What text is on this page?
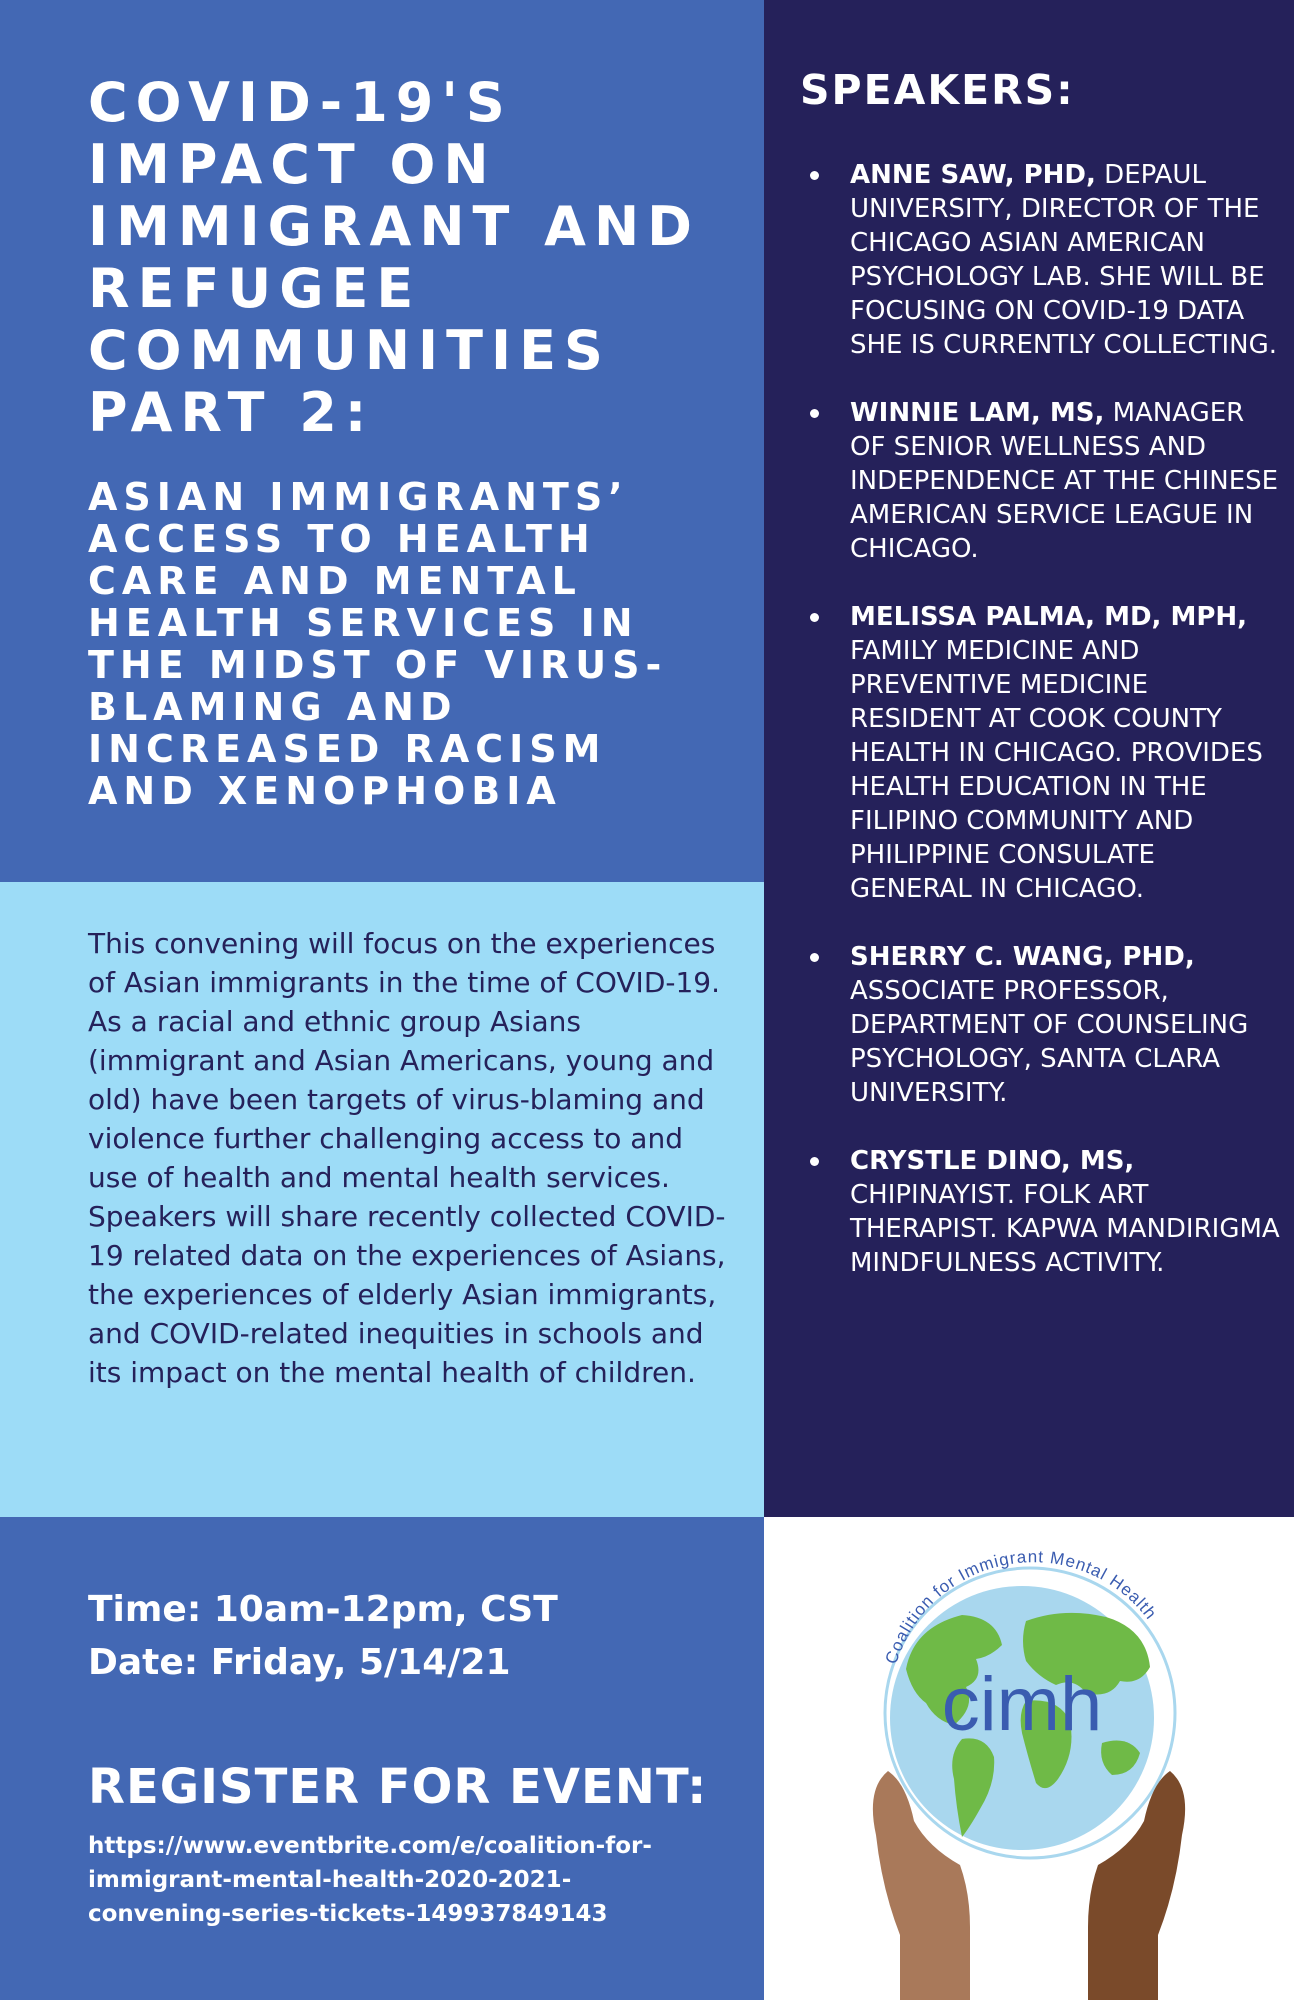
COVID-19'S IMPACT ON IMMIGRANT AND REFUGEE COMMUNITIES PART 2:
ASIAN IMMIGRANTS’ ACCESS TO HEALTH CARE AND MENTAL HEALTH SERVICES IN THE MIDST OF VIRUS-BLAMING AND INCREASED RACISM AND XENOPHOBIA
SPEAKERS:
ANNE SAW, PHD, DEPAUL UNIVERSITY, DIRECTOR OF THE CHICAGO ASIAN AMERICAN PSYCHOLOGY LAB. SHE WILL BE FOCUSING ON COVID-19 DATA SHE IS CURRENTLY COLLECTING.
WINNIE LAM, MS, MANAGER OF SENIOR WELLNESS AND INDEPENDENCE AT THE CHINESE AMERICAN SERVICE LEAGUE IN CHICAGO.
MELISSA PALMA, MD, MPH, FAMILY MEDICINE AND PREVENTIVE MEDICINE RESIDENT AT COOK COUNTY HEALTH IN CHICAGO. PROVIDES HEALTH EDUCATION IN THE FILIPINO COMMUNITY AND PHILIPPINE CONSULATE GENERAL IN CHICAGO.
SHERRY C. WANG, PHD, ASSOCIATE PROFESSOR, DEPARTMENT OF COUNSELING PSYCHOLOGY, SANTA CLARA UNIVERSITY.
CRYSTLE DINO, MS, CHIPINAYIST. FOLK ART THERAPIST. KAPWA MANDIRIGMA MINDFULNESS ACTIVITY.

This convening will focus on the experiences of Asian immigrants in the time of COVID-19. As a racial and ethnic group Asians (immigrant and Asian Americans, young and old) have been targets of virus-blaming and violence further challenging access to and use of health and mental health services. Speakers will share recently collected COVID-19 related data on the experiences of Asians, the experiences of elderly Asian immigrants, and COVID-related inequities in schools and its impact on the mental health of children.

Time: 10am-12pm, CST

Date: Friday, 5/14/21

REGISTER FOR EVENT:

https://www.eventbrite.com/e/coalition-for-immigrant-mental-health-2020-2021-convening-series-tickets-149937849143

Coalition for Immigrant Mental Health
cimh
